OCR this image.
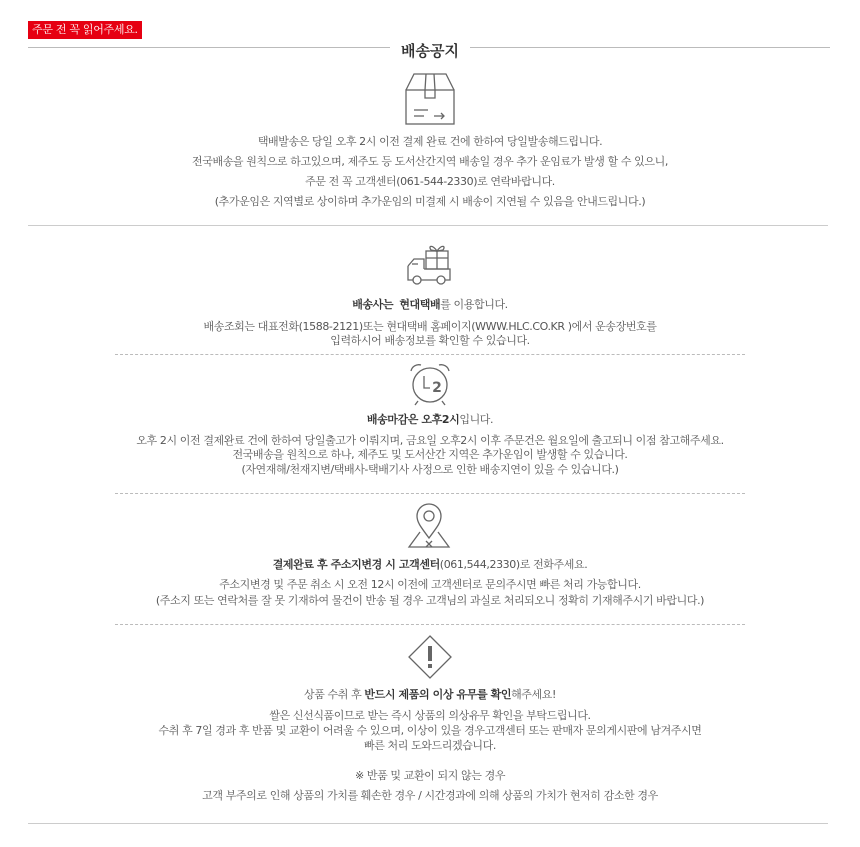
주문 전 꼭 읽어주세요.
배송공지
택배발송은 당일 오후 2시 이전 결제 완료 건에 한하여 당일발송해드립니다.
전국배송을 원칙으로 하고있으며, 제주도 등 도서산간지역 배송일 경우 추가 운임료가 발생 할 수 있으니,
주문 전 꼭 고객센터(061-544-2330)로 연락바랍니다.
(추가운임은 지역별로 상이하며 추가운임의 미결제 시 배송이 지연될 수 있음을 안내드립니다.)
배송사는 현대택배를 이용합니다.
배송조회는 대표전화(1588-2121)또는 현대택배 홈페이지(WWW.HLC.CO.KR )에서 운송장번호를
입력하시어 배송정보를 확인할 수 있습니다.
2
배송마감은 오후2시입니다.
오후 2시 이전 결제완료 건에 한하여 당일출고가 이뤄지며, 금요일 오후2시 이후 주문건은 월요일에 출고되니 이점 참고해주세요.
전국배송을 원칙으로 하나, 제주도 및 도서산간 지역은 추가운임이 발생할 수 있습니다.
(자연재해/천재지변/택배사-택배기사 사정으로 인한 배송지연이 있을 수 있습니다.)
결제완료 후 주소지변경 시 고객센터(061,544,2330)로 전화주세요.
주소지변경 및 주문 취소 시 오전 12시 이전에 고객센터로 문의주시면 빠른 처리 가능합니다.
(주소지 또는 연락처를 잘 못 기재하여 물건이 반송 될 경우 고객님의 과실로 처리되오니 정확히 기재해주시기 바랍니다.)
상품 수취 후 반드시 제품의 이상 유무를 확인해주세요!
쌀은 신선식품이므로 받는 즉시 상품의 의상유무 확인을 부탁드립니다.
수취 후 7일 경과 후 반품 및 교환이 어려울 수 있으며, 이상이 있을 경우고객센터 또는 판매자 문의게시판에 남겨주시면
빠른 처리 도와드리겠습니다.
※ 반품 및 교환이 되지 않는 경우
고객 부주의로 인해 상품의 가치를 훼손한 경우 / 시간경과에 의해 상품의 가치가 현저히 감소한 경우
